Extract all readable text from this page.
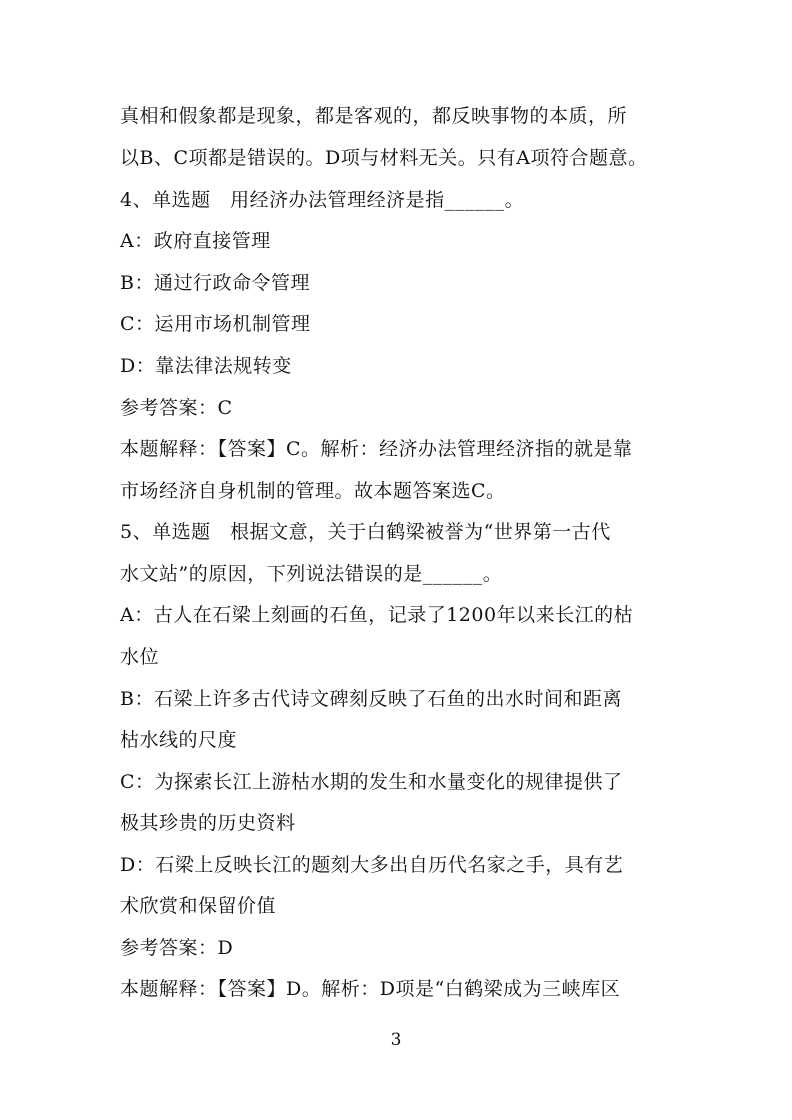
真相和假象都是现象，都是客观的，都反映事物的本质，所
以B、C项都是错误的。D项与材料无关。只有A项符合题意。
4、单选题　用经济办法管理经济是指______。
A：政府直接管理
B：通过行政命令管理
C：运用市场机制管理
D：靠法律法规转变
参考答案：C
本题解释：【答案】C。解析：经济办法管理经济指的就是靠
市场经济自身机制的管理。故本题答案选C。
5、单选题　根据文意，关于白鹤梁被誉为“世界第一古代
水文站”的原因，下列说法错误的是______。
A：古人在石梁上刻画的石鱼，记录了1200年以来长江的枯
水位
B：石梁上许多古代诗文碑刻反映了石鱼的出水时间和距离
枯水线的尺度
C：为探索长江上游枯水期的发生和水量变化的规律提供了
极其珍贵的历史资料
D：石梁上反映长江的题刻大多出自历代名家之手，具有艺
术欣赏和保留价值
参考答案：D
本题解释：【答案】D。解析：D项是“白鹤梁成为三峡库区
3
